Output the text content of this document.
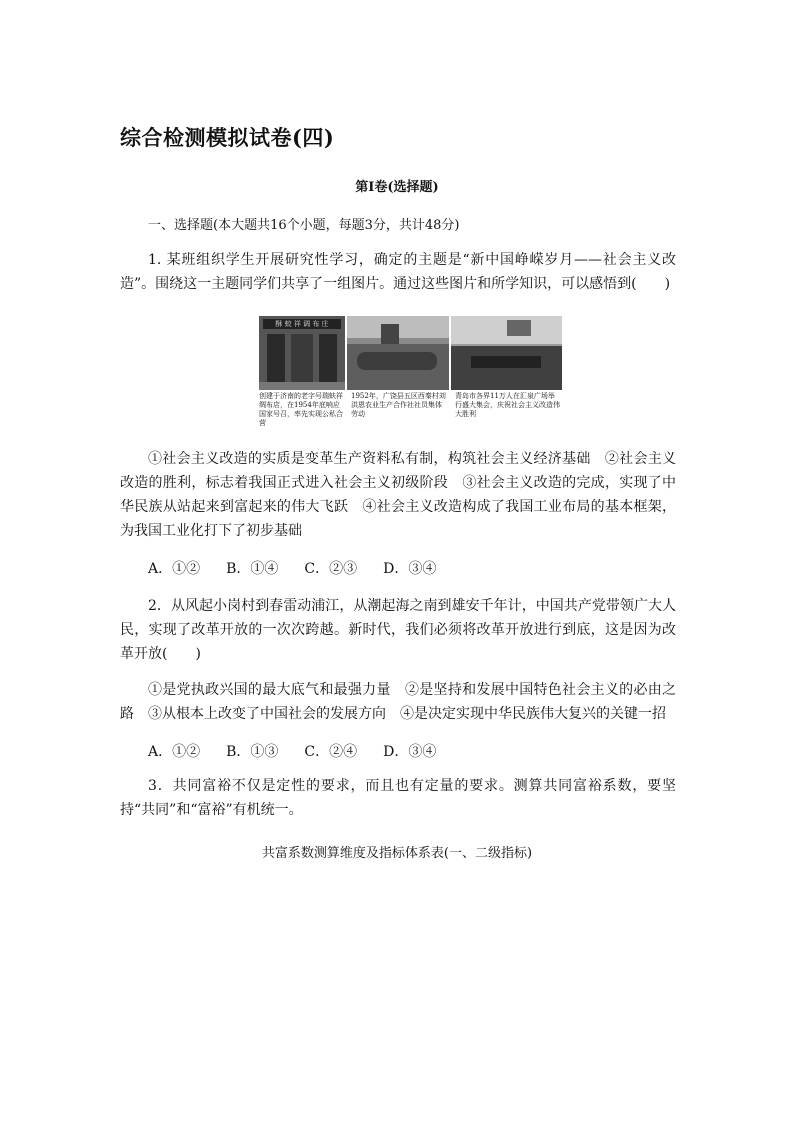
综合检测模拟试卷(四)
第Ⅰ卷(选择题)
一、选择题(本大题共16个小题，每题3分，共计48分)
1. 某班组织学生开展研究性学习，确定的主题是“新中国峥嵘岁月——社会主义改造”。围绕这一主题同学们共享了一组图片。通过这些图片和所学知识，可以感悟到(　　)
酥 蛟 祥 调 布 庄
创建于济南的老字号瑞蚨祥绸布店，在1954年底响应国家号召，率先实现公私合营
1952年，广饶县五区西秦村刘洪恩农业生产合作社社员集体劳动
青岛市各界11万人在汇泉广场举行盛大集会，庆祝社会主义改造伟大胜利
①社会主义改造的实质是变革生产资料私有制，构筑社会主义经济基础　②社会主义改造的胜利，标志着我国正式进入社会主义初级阶段　③社会主义改造的完成，实现了中华民族从站起来到富起来的伟大飞跃　④社会主义改造构成了我国工业布局的基本框架，为我国工业化打下了初步基础
A．①② B．①④ C．②③ D．③④
2．从风起小岗村到春雷动浦江，从潮起海之南到雄安千年计，中国共产党带领广大人民，实现了改革开放的一次次跨越。新时代，我们必须将改革开放进行到底，这是因为改革开放(　　)
①是党执政兴国的最大底气和最强力量　②是坚持和发展中国特色社会主义的必由之路　③从根本上改变了中国社会的发展方向　④是决定实现中华民族伟大复兴的关键一招
A．①② B．①③ C．②④ D．③④
3．共同富裕不仅是定性的要求，而且也有定量的要求。测算共同富裕系数，要坚持“共同”和“富裕”有机统一。
共富系数测算维度及指标体系表(一、二级指标)
